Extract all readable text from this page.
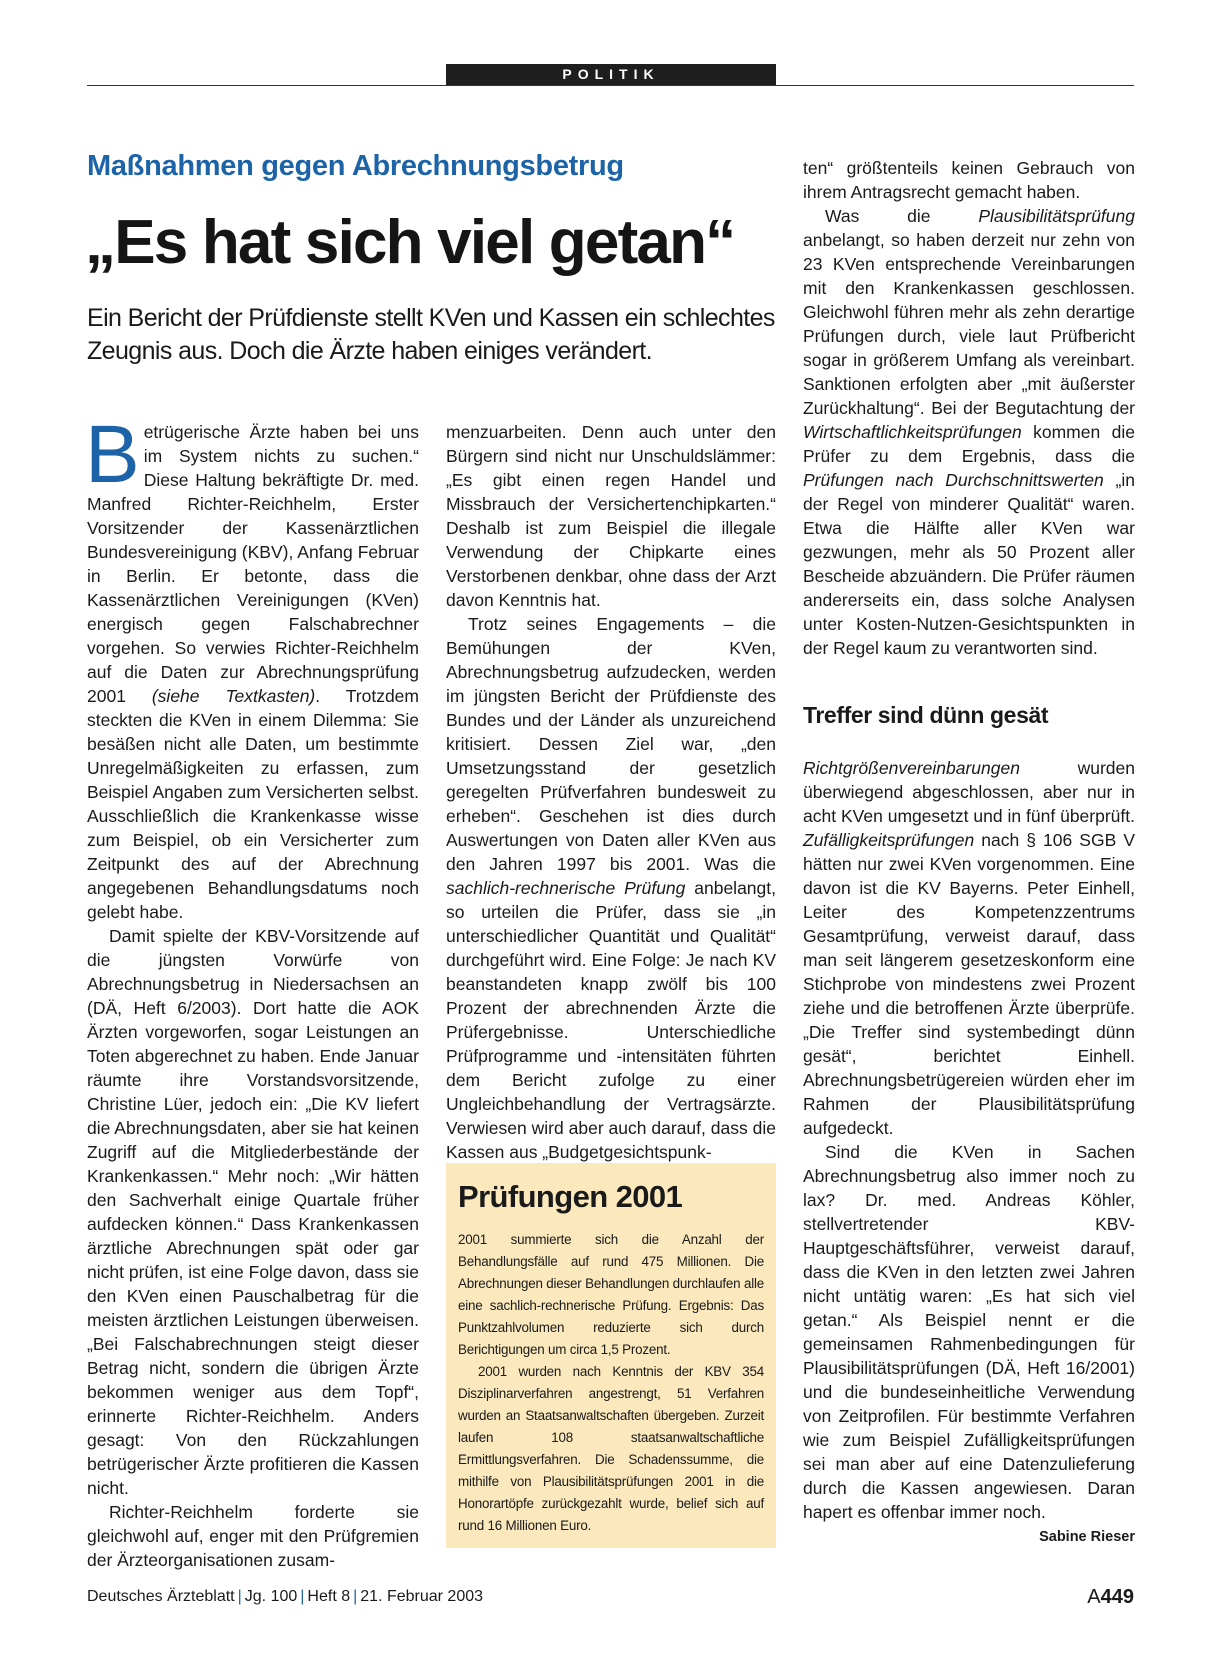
POLITIK
Maßnahmen gegen Abrechnungsbetrug
„Es hat sich viel getan“
Ein Bericht der Prüfdienste stellt KVen und Kassen ein schlechtes Zeugnis aus. Doch die Ärzte haben einiges verändert.

Betrügerische Ärzte haben bei uns im System nichts zu suchen.“ Diese Haltung bekräftigte Dr. med. Manfred Richter-Reichhelm, Erster Vorsitzender der Kassenärztlichen Bundesvereinigung (KBV), Anfang Februar in Berlin. Er betonte, dass die Kassenärztlichen Vereinigungen (KVen) energisch gegen Falschabrechner vorgehen. So verwies Richter-Reichhelm auf die Daten zur Abrechnungsprüfung 2001 (siehe Textkasten). Trotzdem steckten die KVen in einem Dilemma: Sie besäßen nicht alle Daten, um bestimmte Unregelmäßigkeiten zu erfassen, zum Beispiel Angaben zum Versicherten selbst. Ausschließlich die Krankenkasse wisse zum Beispiel, ob ein Versicherter zum Zeitpunkt des auf der Abrechnung angegebenen Behandlungsdatums noch gelebt habe.

Damit spielte der KBV-Vorsitzende auf die jüngsten Vorwürfe von Abrechnungsbetrug in Niedersachsen an (DÄ, Heft 6/2003). Dort hatte die AOK Ärzten vorgeworfen, sogar Leistungen an Toten abgerechnet zu haben. Ende Januar räumte ihre Vorstandsvorsitzende, Christine Lüer, jedoch ein: „Die KV liefert die Abrechnungsdaten, aber sie hat keinen Zugriff auf die Mitgliederbestände der Krankenkassen.“ Mehr noch: „Wir hätten den Sachverhalt einige Quartale früher aufdecken können.“ Dass Krankenkassen ärztliche Abrechnungen spät oder gar nicht prüfen, ist eine Folge davon, dass sie den KVen einen Pauschalbetrag für die meisten ärztlichen Leistungen überweisen. „Bei Falschabrechnungen steigt dieser Betrag nicht, sondern die übrigen Ärzte bekommen weniger aus dem Topf“, erinnerte Richter-Reichhelm. Anders gesagt: Von den Rückzahlungen betrügerischer Ärzte profitieren die Kassen nicht.

Richter-Reichhelm forderte sie gleichwohl auf, enger mit den Prüfgremien der Ärzteorganisationen zusam-

menzuarbeiten. Denn auch unter den Bürgern sind nicht nur Unschuldslämmer: „Es gibt einen regen Handel und Missbrauch der Versichertenchipkarten.“ Deshalb ist zum Beispiel die illegale Verwendung der Chipkarte eines Verstorbenen denkbar, ohne dass der Arzt davon Kenntnis hat.

Trotz seines Engagements – die Bemühungen der KVen, Abrechnungsbetrug aufzudecken, werden im jüngsten Bericht der Prüfdienste des Bundes und der Länder als unzureichend kritisiert. Dessen Ziel war, „den Umsetzungsstand der gesetzlich geregelten Prüfverfahren bundesweit zu erheben“. Geschehen ist dies durch Auswertungen von Daten aller KVen aus den Jahren 1997 bis 2001. Was die sachlich-rechnerische Prüfung anbelangt, so urteilen die Prüfer, dass sie „in unterschiedlicher Quantität und Qualität“ durchgeführt wird. Eine Folge: Je nach KV beanstandeten knapp zwölf bis 100 Prozent der abrechnenden Ärzte die Prüfergebnisse. Unterschiedliche Prüfprogramme und -intensitäten führten dem Bericht zufolge zu einer Ungleichbehandlung der Vertragsärzte. Verwiesen wird aber auch darauf, dass die Kassen aus „Budgetgesichtspunk-

Prüfungen 2001

2001 summierte sich die Anzahl der Behandlungsfälle auf rund 475 Millionen. Die Abrechnungen dieser Behandlungen durchlaufen alle eine sachlich-rechnerische Prüfung. Ergebnis: Das Punktzahlvolumen reduzierte sich durch Berichtigungen um circa 1,5 Prozent.

2001 wurden nach Kenntnis der KBV 354 Disziplinarverfahren angestrengt, 51 Verfahren wurden an Staatsanwaltschaften übergeben. Zurzeit laufen 108 staatsanwaltschaftliche Ermittlungsverfahren. Die Schadenssumme, die mithilfe von Plausibilitätsprüfungen 2001 in die Honorartöpfe zurückgezahlt wurde, belief sich auf rund 16 Millionen Euro.

ten“ größtenteils keinen Gebrauch von ihrem Antragsrecht gemacht haben.

Was die Plausibilitätsprüfung anbelangt, so haben derzeit nur zehn von 23 KVen entsprechende Vereinbarungen mit den Krankenkassen geschlossen. Gleichwohl führen mehr als zehn derartige Prüfungen durch, viele laut Prüfbericht sogar in größerem Umfang als vereinbart. Sanktionen erfolgten aber „mit äußerster Zurückhaltung“. Bei der Begutachtung der Wirtschaftlichkeitsprüfungen kommen die Prüfer zu dem Ergebnis, dass die Prüfungen nach Durchschnittswerten „in der Regel von minderer Qualität“ waren. Etwa die Hälfte aller KVen war gezwungen, mehr als 50 Prozent aller Bescheide abzuändern. Die Prüfer räumen andererseits ein, dass solche Analysen unter Kosten-Nutzen-Gesichtspunkten in der Regel kaum zu verantworten sind.

Treffer sind dünn gesät

Richtgrößenvereinbarungen wurden überwiegend abgeschlossen, aber nur in acht KVen umgesetzt und in fünf überprüft. Zufälligkeitsprüfungen nach § 106 SGB V hätten nur zwei KVen vorgenommen. Eine davon ist die KV Bayerns. Peter Einhell, Leiter des Kompetenzzentrums Gesamtprüfung, verweist darauf, dass man seit längerem gesetzeskonform eine Stichprobe von mindestens zwei Prozent ziehe und die betroffenen Ärzte überprüfe. „Die Treffer sind systembedingt dünn gesät“, berichtet Einhell. Abrechnungsbetrügereien würden eher im Rahmen der Plausibilitätsprüfung aufgedeckt.

Sind die KVen in Sachen Abrechnungsbetrug also immer noch zu lax? Dr. med. Andreas Köhler, stellvertretender KBV-Hauptgeschäftsführer, verweist darauf, dass die KVen in den letzten zwei Jahren nicht untätig waren: „Es hat sich viel getan.“ Als Beispiel nennt er die gemeinsamen Rahmenbedingungen für Plausibilitätsprüfungen (DÄ, Heft 16/2001) und die bundeseinheitliche Verwendung von Zeitprofilen. Für bestimmte Verfahren wie zum Beispiel Zufälligkeitsprüfungen sei man aber auf eine Datenzulieferung durch die Kassen angewiesen. Daran hapert es offenbar immer noch.
Sabine Rieser

Deutsches Ärzteblatt | Jg. 100 | Heft 8 | 21. Februar 2003	A449
